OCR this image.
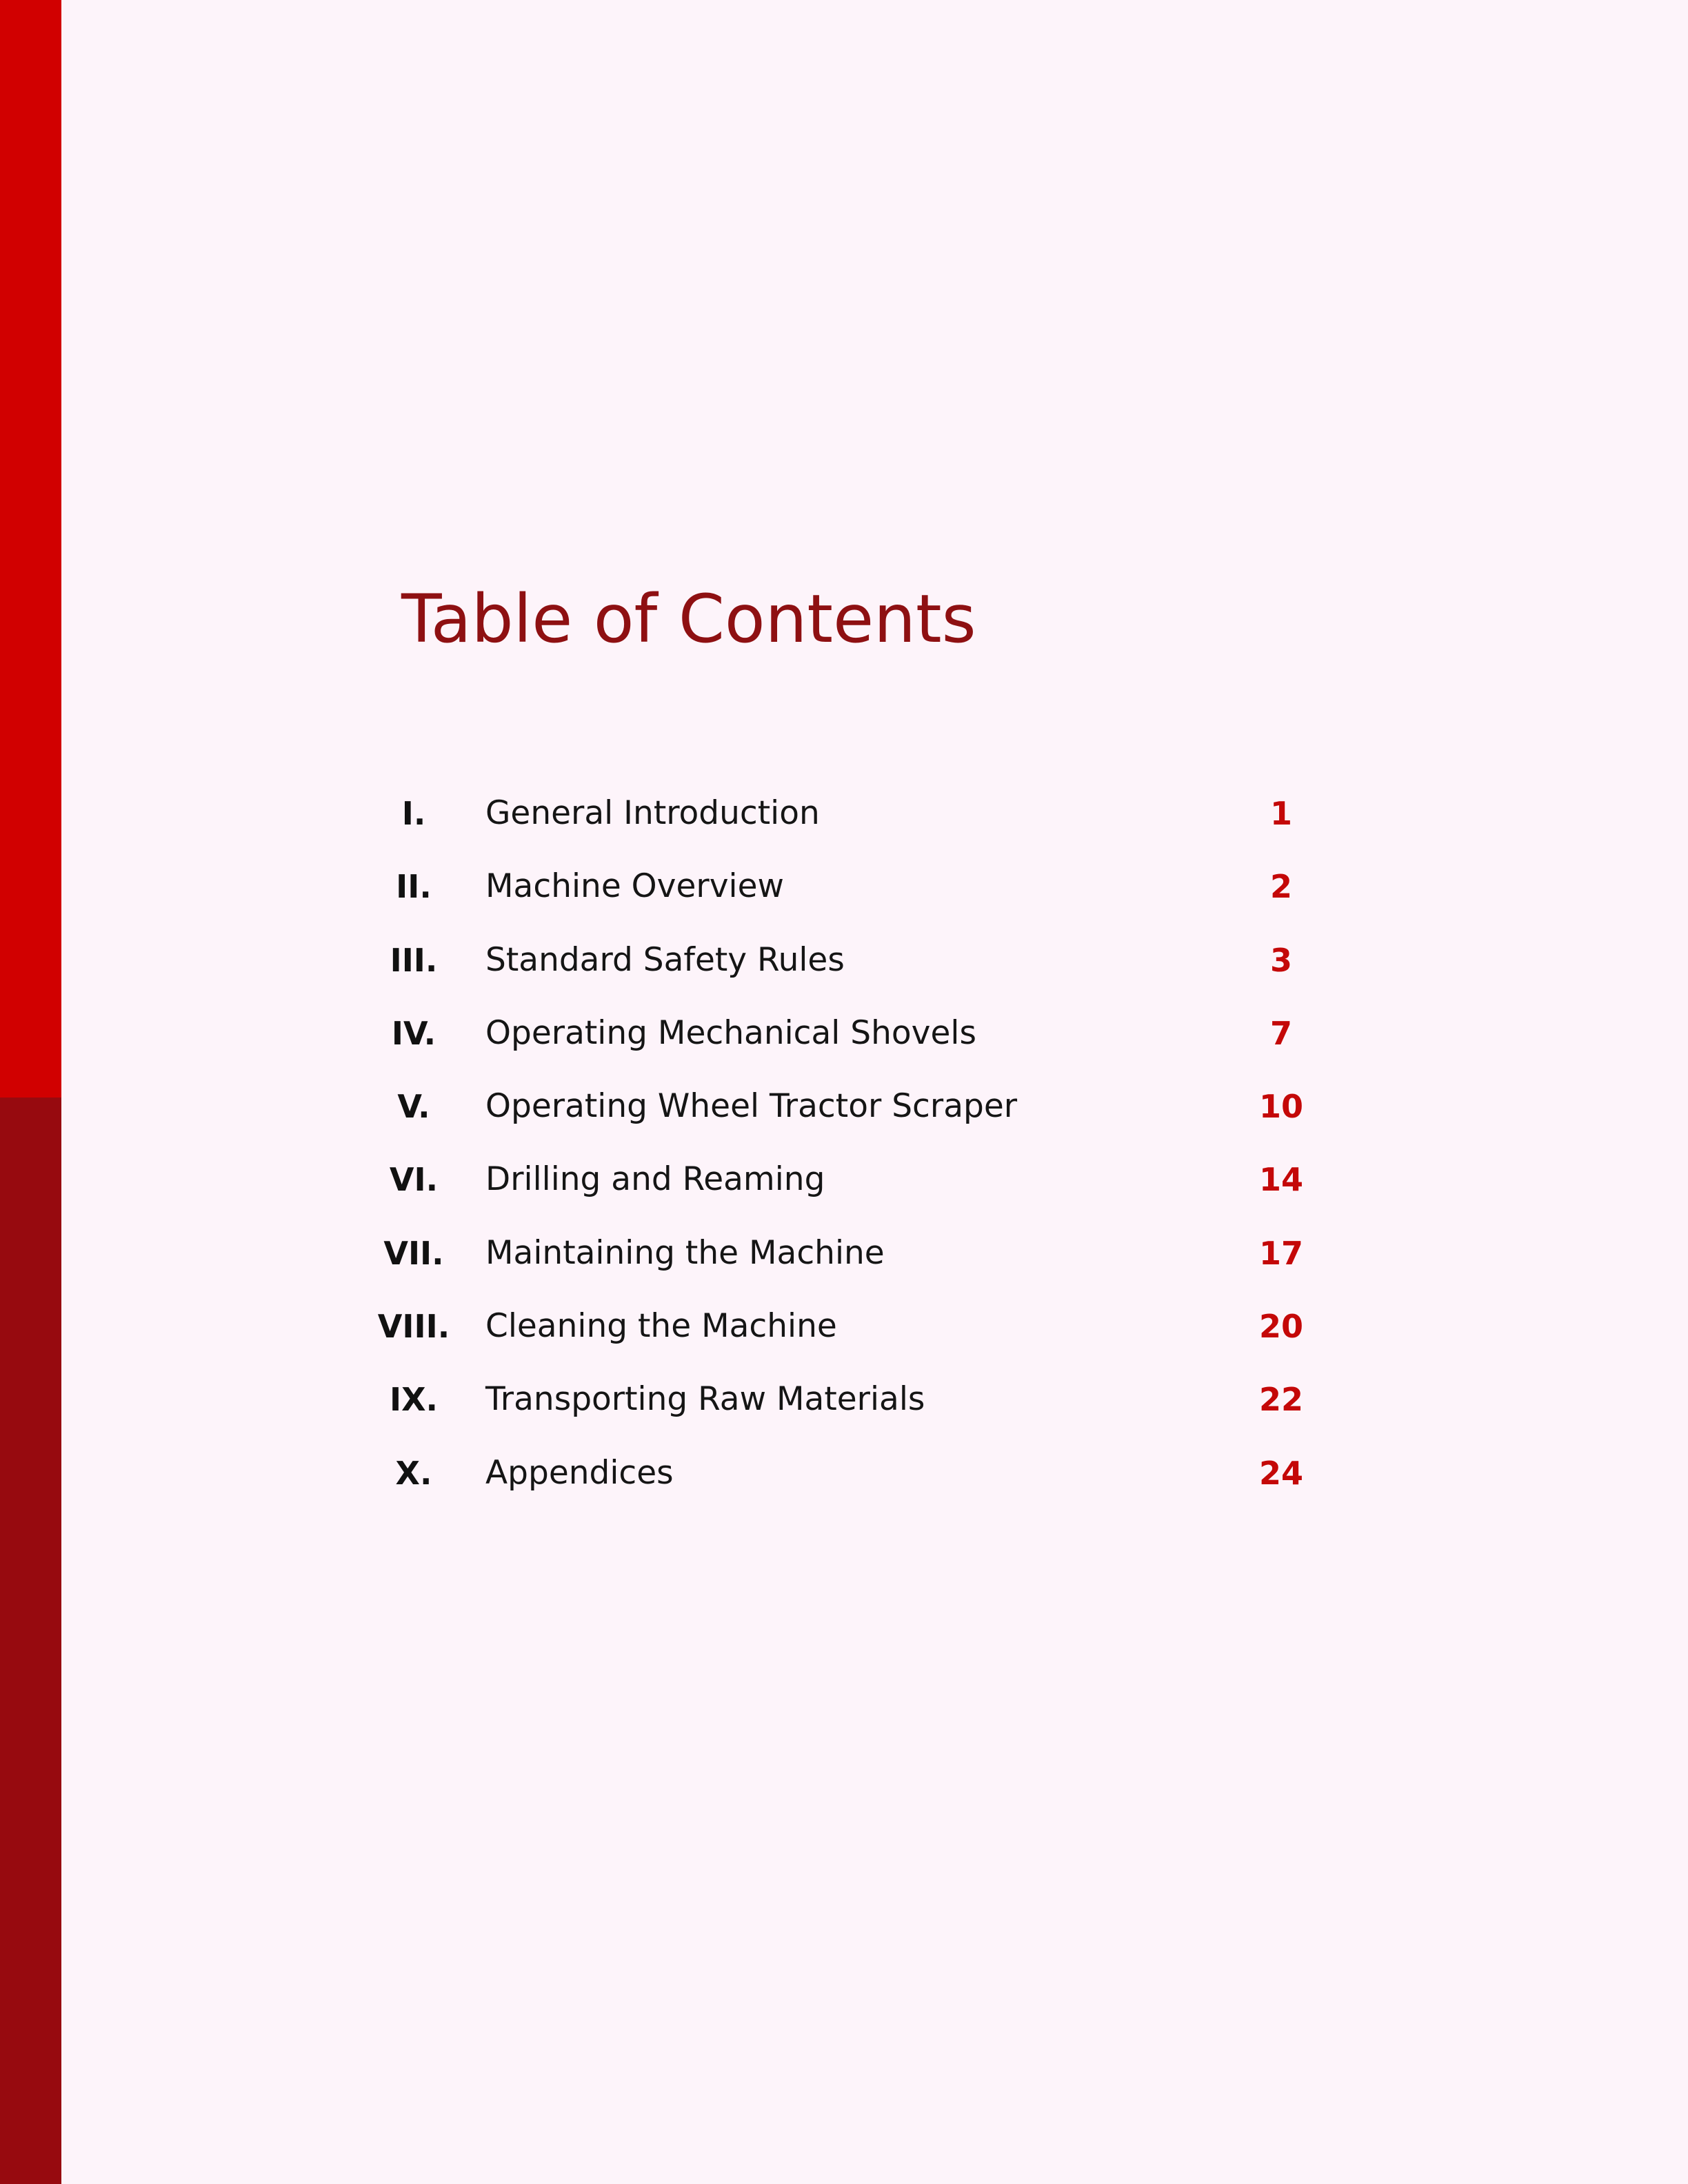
Table of Contents
I.	General Introduction	1
II.	Machine Overview	2
III.	Standard Safety Rules	3
IV.	Operating Mechanical Shovels	7
V.	Operating Wheel Tractor Scraper	10
VI.	Drilling and Reaming	14
VII.	Maintaining the Machine	17
VIII.	Cleaning the Machine	20
IX.	Transporting Raw Materials	22
X.	Appendices	24
